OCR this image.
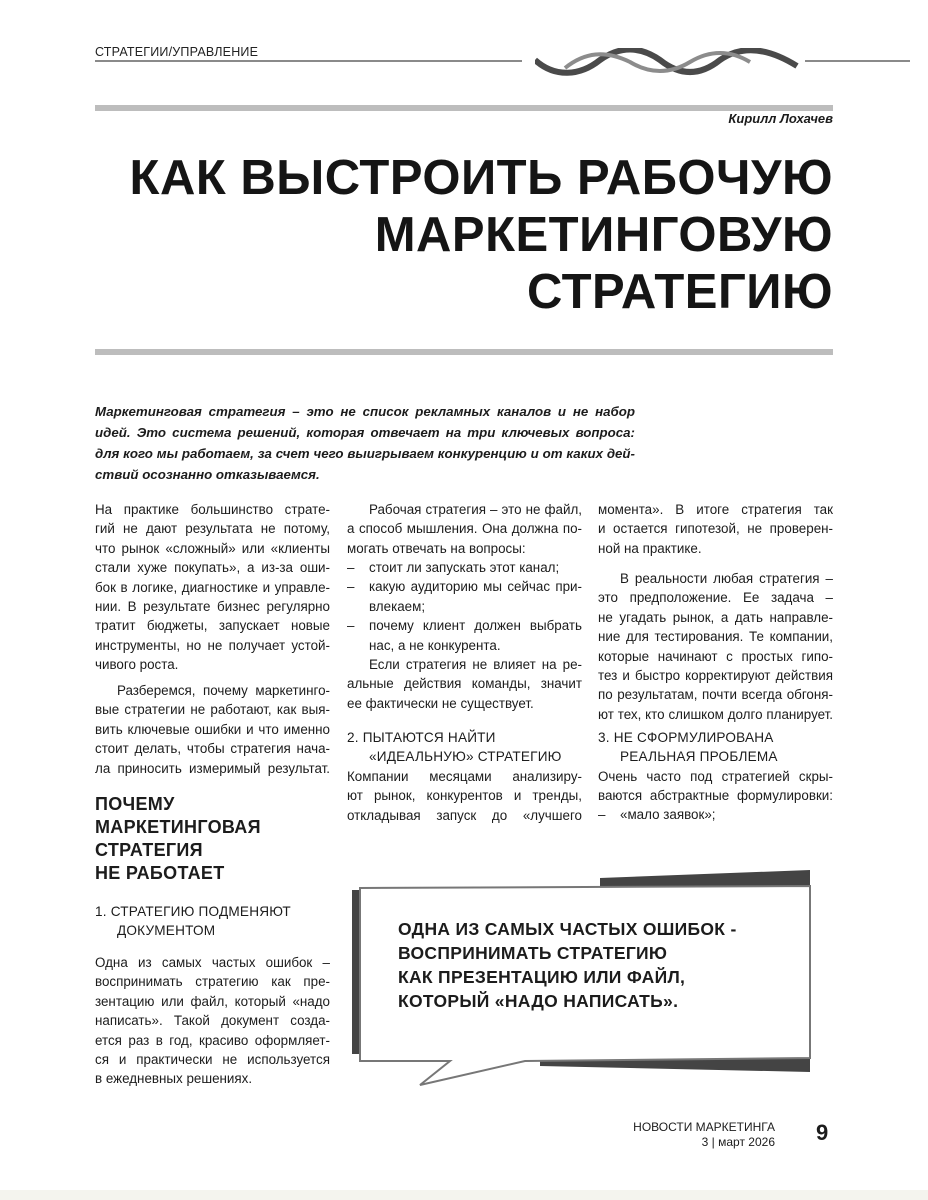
СТРАТЕГИИ/УПРАВЛЕНИЕ
Кирилл Лохачев
КАК ВЫСТРОИТЬ РАБОЧУЮ
МАРКЕТИНГОВУЮ
СТРАТЕГИЮ
Маркетинговая стратегия – это не список рекламных каналов и не набор
идей. Это система решений, которая отвечает на три ключевых вопроса:
для кого мы работаем, за счет чего выигрываем конкуренцию и от каких дей-
ствий осознанно отказываемся.
На практике большинство страте-
гий не дают результата не потому,
что рынок «сложный» или «клиенты
стали хуже покупать», а из-за оши-
бок в логике, диагностике и управле-
нии. В результате бизнес регулярно
тратит бюджеты, запускает новые
инструменты, но не получает устой-
чивого роста.
Разберемся, почему маркетинго-
вые стратегии не работают, как выя-
вить ключевые ошибки и что именно
стоит делать, чтобы стратегия нача-
ла приносить измеримый результат.
ПОЧЕМУ
МАРКЕТИНГОВАЯ
СТРАТЕГИЯ
НЕ РАБОТАЕТ
1. СТРАТЕГИЮ ПОДМЕНЯЮТ
ДОКУМЕНТОМ
Одна из самых частых ошибок –
воспринимать стратегию как пре-
зентацию или файл, который «надо
написать». Такой документ созда-
ется раз в год, красиво оформляет-
ся и практически не используется
в ежедневных решениях.
Рабочая стратегия – это не файл,
а способ мышления. Она должна по-
могать отвечать на вопросы:
– стоит ли запускать этот канал;
– какую аудиторию мы сейчас при-
влекаем;
– почему клиент должен выбрать
нас, а не конкурента.
Если стратегия не влияет на ре-
альные действия команды, значит
ее фактически не существует.
2. ПЫТАЮТСЯ НАЙТИ
«ИДЕАЛЬНУЮ» СТРАТЕГИЮ
Компании месяцами анализиру-
ют рынок, конкурентов и тренды,
откладывая запуск до «лучшего
момента». В итоге стратегия так
и остается гипотезой, не проверен-
ной на практике.
В реальности любая стратегия –
это предположение. Ее задача –
не угадать рынок, а дать направле-
ние для тестирования. Те компании,
которые начинают с простых гипо-
тез и быстро корректируют действия
по результатам, почти всегда обгоня-
ют тех, кто слишком долго планирует.
3. НЕ СФОРМУЛИРОВАНА
РЕАЛЬНАЯ ПРОБЛЕМА
Очень часто под стратегией скры-
ваются абстрактные формулировки:
– «мало заявок»;
ОДНА ИЗ САМЫХ ЧАСТЫХ ОШИБОК -
ВОСПРИНИМАТЬ СТРАТЕГИЮ
КАК ПРЕЗЕНТАЦИЮ ИЛИ ФАЙЛ,
КОТОРЫЙ «НАДО НАПИСАТЬ».
НОВОСТИ МАРКЕТИНГА
3 | март 2026 9
